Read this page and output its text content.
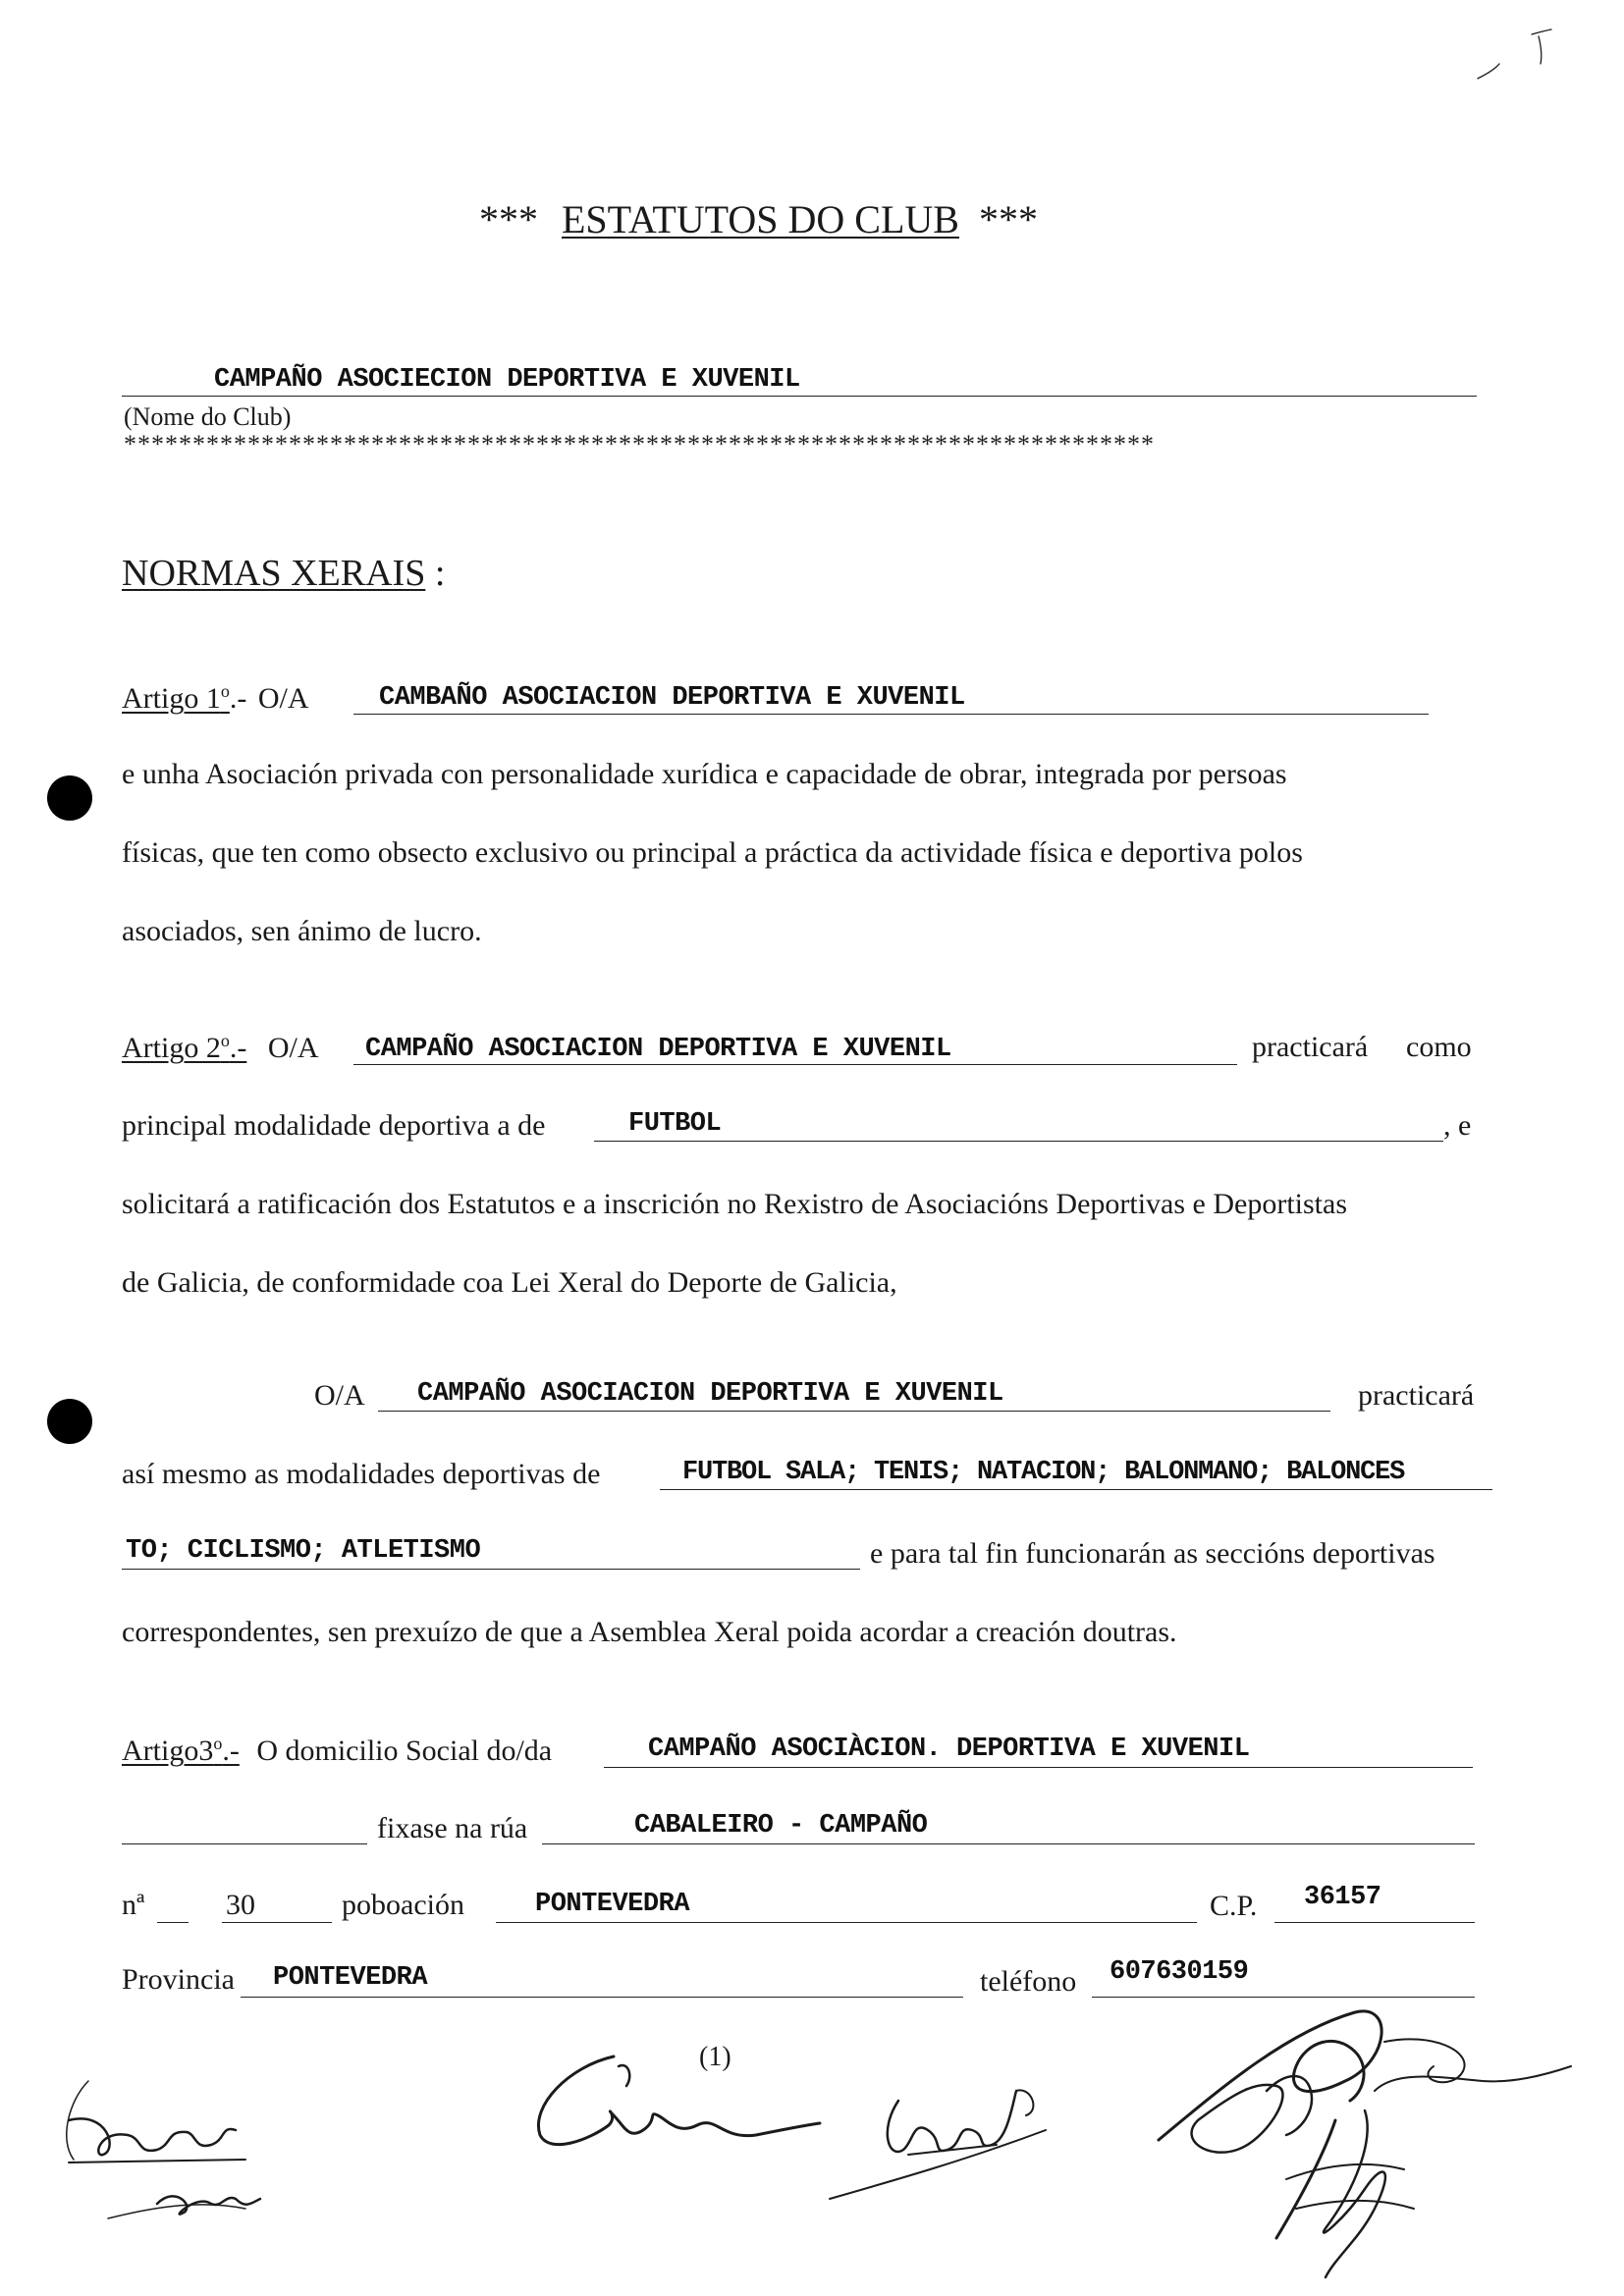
*** ESTATUTOS DO CLUB ***
CAMPAÑO ASOCIECION DEPORTIVA E XUVENIL
(Nome do Club)
***************************************************************************
NORMAS XERAIS :
Artigo 1$^o$.- O/A	CAMBAÑO ASOCIACION DEPORTIVA E XUVENIL
e unha Asociación privada con personalidade xurídica e capacidade de obrar, integrada por persoas
físicas, que ten como obsecto exclusivo ou principal a práctica da actividade física e deportiva polos
asociados, sen ánimo de lucro.
Artigo 2$^o$.- O/A CAMPAÑO ASOCIACION DEPORTIVA E XUVENIL	practicará como
principal modalidade deportiva a de	FUTBOL	, e
solicitará a ratificación dos Estatutos e a inscrición no Rexistro de Asociacións Deportivas e Deportistas
de Galicia, de conformidade coa Lei Xeral do Deporte de Galicia,
O/A CAMPAÑO ASOCIACION DEPORTIVA E XUVENIL	practicará
así mesmo as modalidades deportivas de	FUTBOL SALA; TENIS; NATACION; BALONMANO; BALONCES
TO; CICLISMO; ATLETISMO	e para tal fin funcionarán as seccións deportivas
correspondentes, sen prexuízo de que a Asemblea Xeral poida acordar a creación doutras.
Artigo3$^o$.- O domicilio Social do/da	CAMPAÑO ASOCIÀCION. DEPORTIVA E XUVENIL
fixase na rúa	CABALEIRO - CAMPAÑO
nª	30	poboación	PONTEVEDRA	C.P. 36157
Provincia PONTEVEDRA	teléfono 607630159
(1)
